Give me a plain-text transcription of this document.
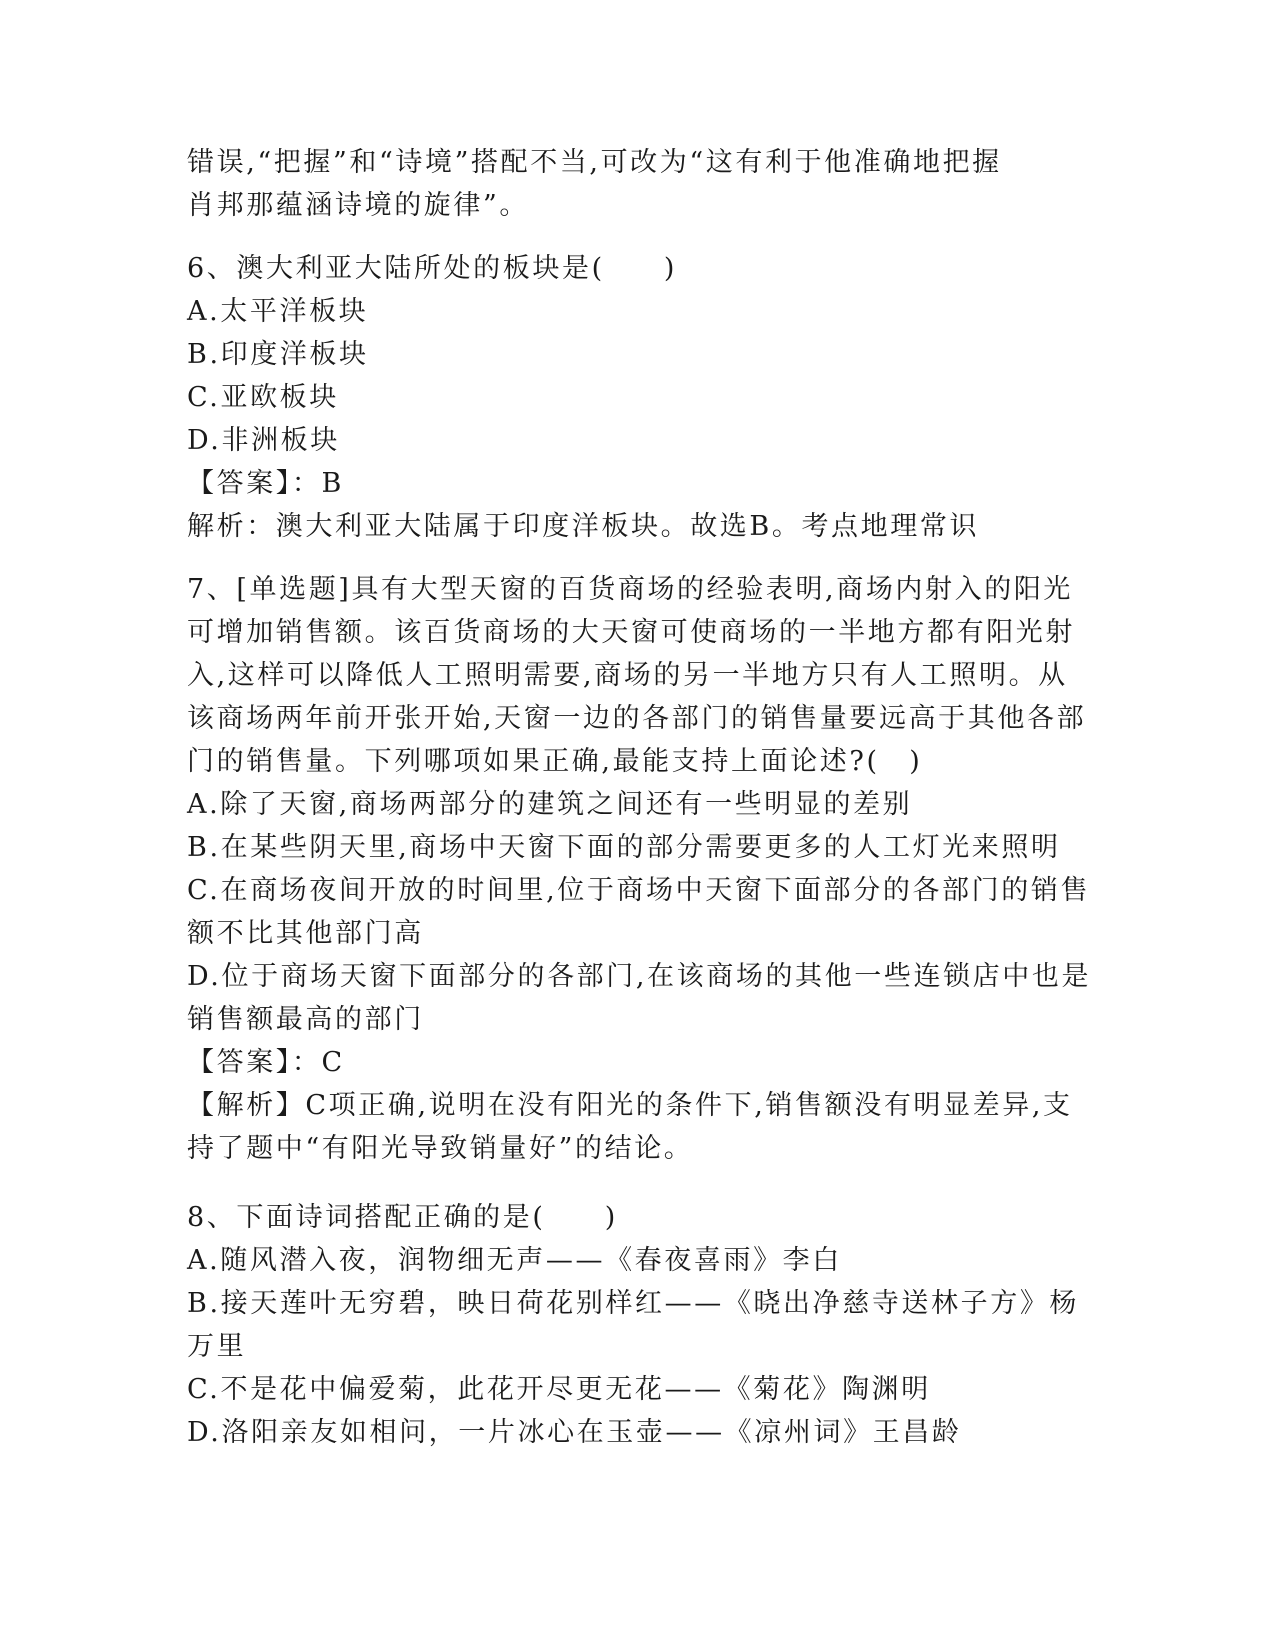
错误,“把握”和“诗境”搭配不当,可改为“这有利于他准确地把握
肖邦那蕴涵诗境的旋律”。
6、澳大利亚大陆所处的板块是(　　)
A.太平洋板块
B.印度洋板块
C.亚欧板块
D.非洲板块
【答案】：B
解析：澳大利亚大陆属于印度洋板块。故选B。考点地理常识
7、[单选题]具有大型天窗的百货商场的经验表明,商场内射入的阳光
可增加销售额。该百货商场的大天窗可使商场的一半地方都有阳光射
入,这样可以降低人工照明需要,商场的另一半地方只有人工照明。从
该商场两年前开张开始,天窗一边的各部门的销售量要远高于其他各部
门的销售量。下列哪项如果正确,最能支持上面论述?(　)
A.除了天窗,商场两部分的建筑之间还有一些明显的差别
B.在某些阴天里,商场中天窗下面的部分需要更多的人工灯光来照明
C.在商场夜间开放的时间里,位于商场中天窗下面部分的各部门的销售
额不比其他部门高
D.位于商场天窗下面部分的各部门,在该商场的其他一些连锁店中也是
销售额最高的部门
【答案】：C
【解析】C项正确,说明在没有阳光的条件下,销售额没有明显差异,支
持了题中“有阳光导致销量好”的结论。
8、下面诗词搭配正确的是(　　)
A.随风潜入夜，润物细无声——《春夜喜雨》李白
B.接天莲叶无穷碧，映日荷花别样红——《晓出净慈寺送林子方》杨
万里
C.不是花中偏爱菊，此花开尽更无花——《菊花》陶渊明
D.洛阳亲友如相问，一片冰心在玉壶——《凉州词》王昌龄
